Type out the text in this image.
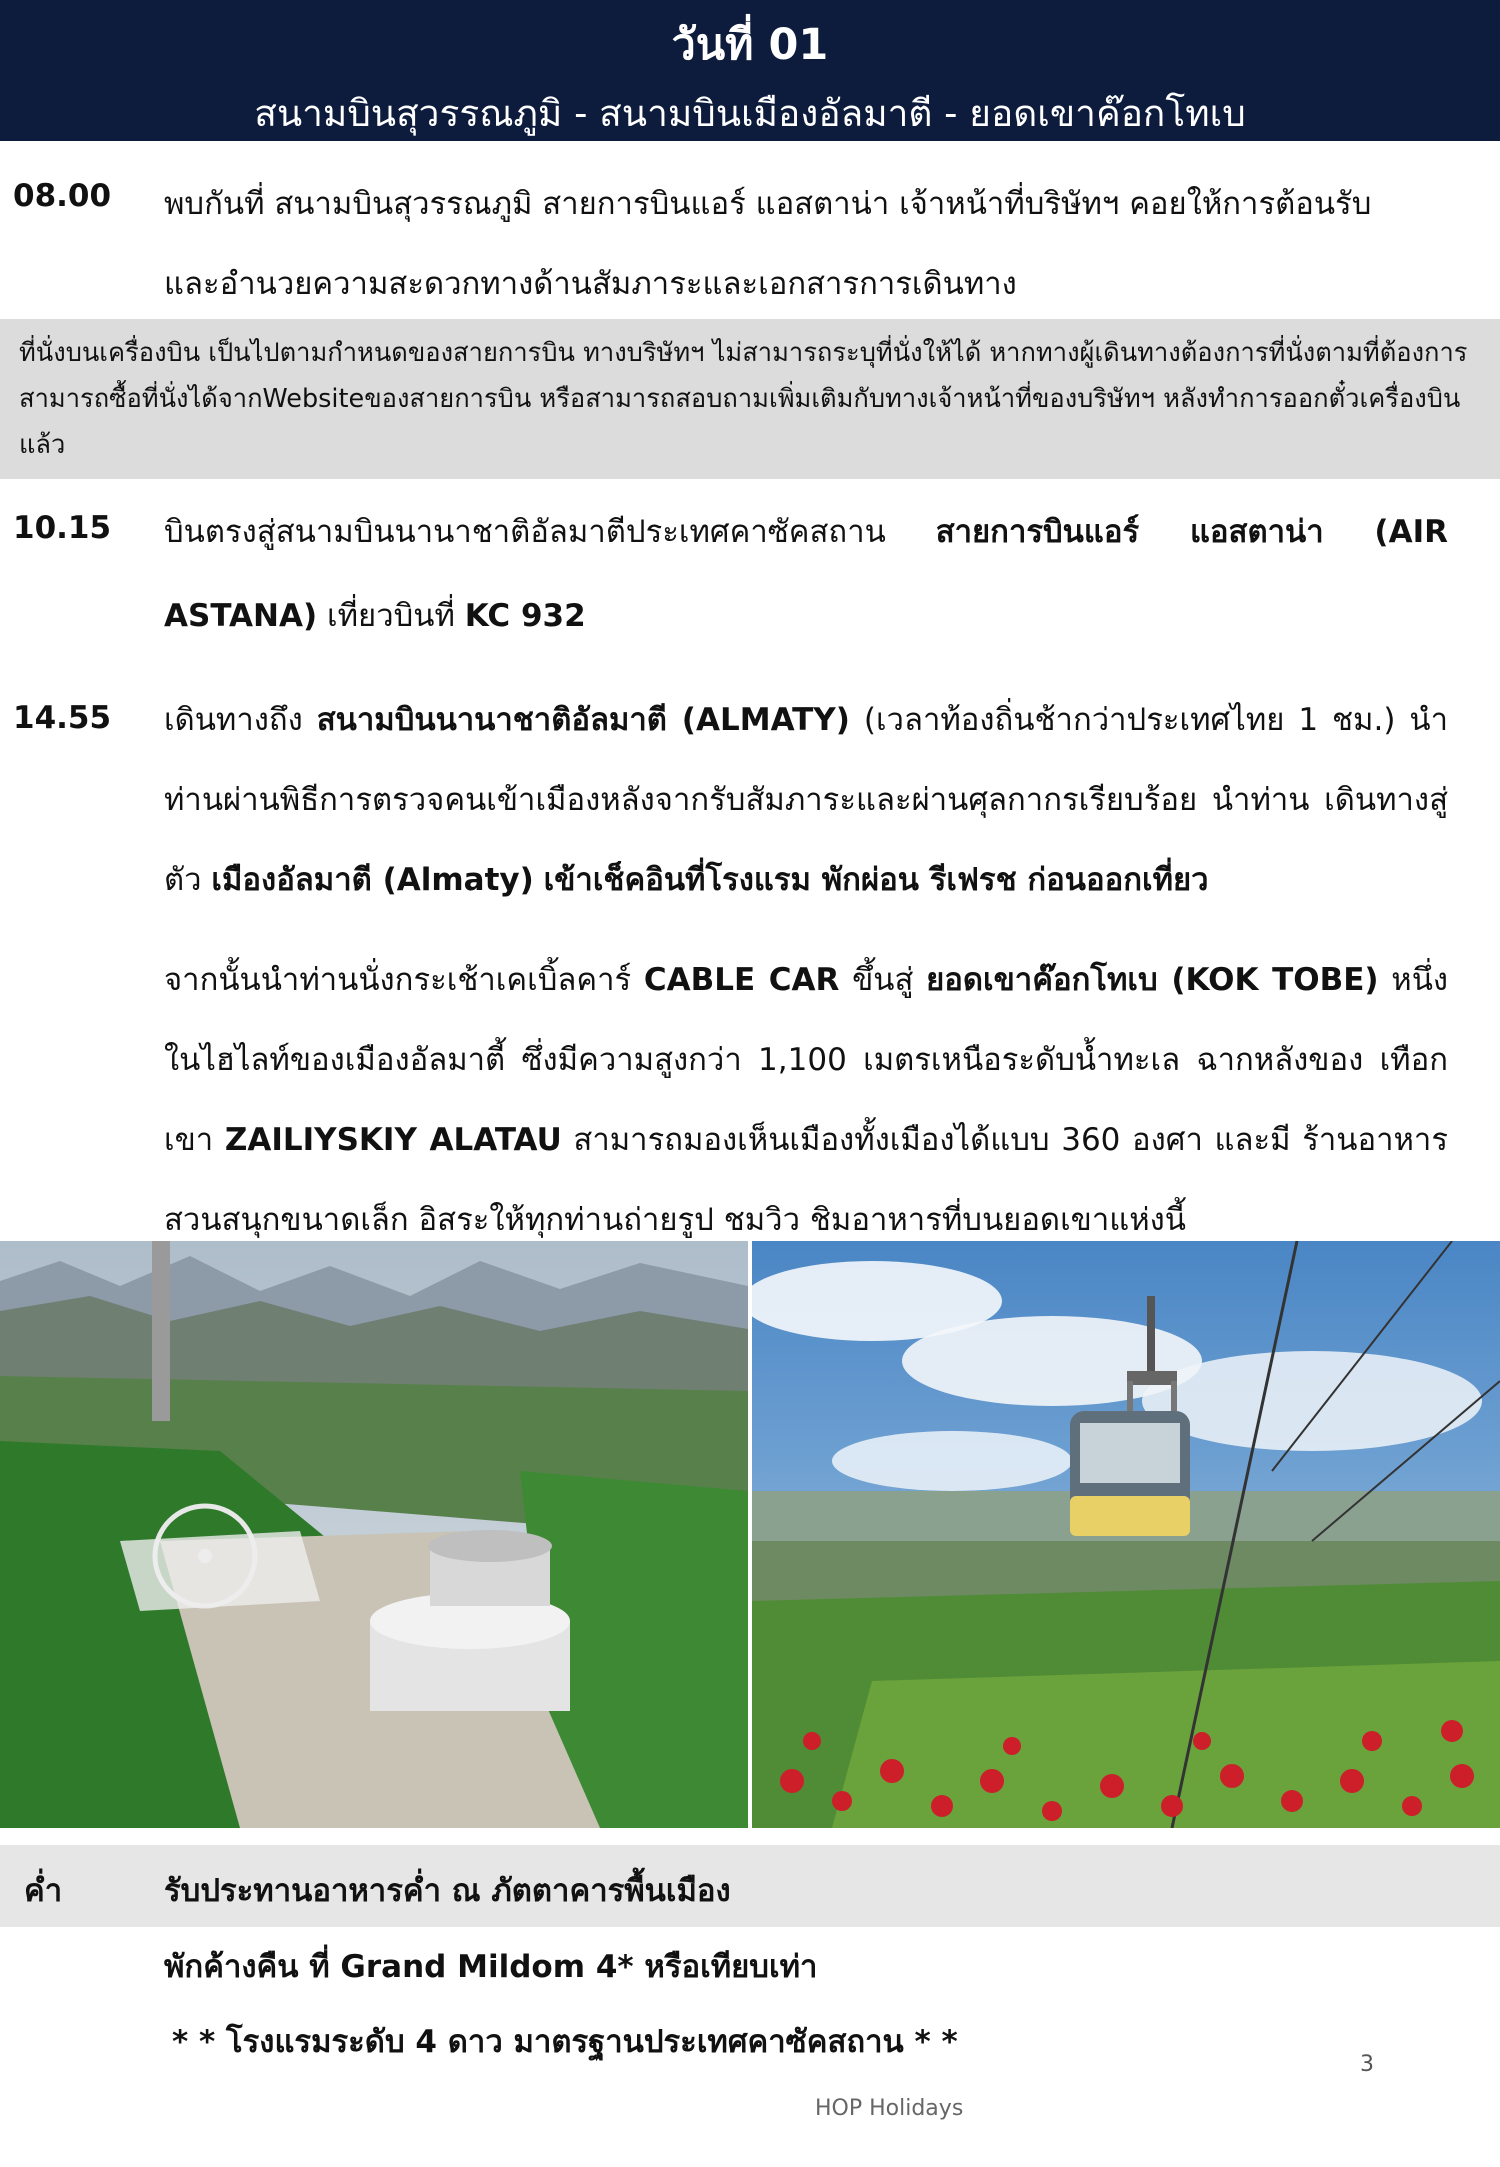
วันที่ 01
สนามบินสุวรรณภูมิ - สนามบินเมืองอัลมาตี - ยอดเขาค๊อกโทเบ
08.00 พบกันที่ สนามบินสุวรรณภูมิ สายการบินแอร์ แอสตาน่า เจ้าหน้าที่บริษัทฯ คอยให้การต้อนรับ
และอำนวยความสะดวกทางด้านสัมภาระและเอกสารการเดินทาง

ที่นั่งบนเครื่องบิน เป็นไปตามกำหนดของสายการบิน ทางบริษัทฯ ไม่สามารถระบุที่นั่งให้ได้ หากทางผู้เดินทางต้องการที่นั่งตามที่ต้องการ สามารถซื้อที่นั่งได้จากWebsiteของสายการบิน หรือสามารถสอบถามเพิ่มเติมกับทางเจ้าหน้าที่ของบริษัทฯ หลังทำการออกตั๋วเครื่องบินแล้ว

10.15 บินตรงสู่สนามบินนานาชาติอัลมาตีประเทศคาซัคสถาน สายการบินแอร์ แอสตาน่า (AIR ASTANA) เที่ยวบินที่ KC 932
14.55 เดินทางถึง สนามบินนานาชาติอัลมาตี (ALMATY) (เวลาท้องถิ่นช้ากว่าประเทศไทย 1 ชม.) นำท่านผ่านพิธีการตรวจคนเข้าเมืองหลังจากรับสัมภาระและผ่านศุลกากรเรียบร้อย นำท่าน เดินทางสู่ตัว เมืองอัลมาตี (Almaty) เข้าเช็คอินที่โรงแรม พักผ่อน รีเฟรช ก่อนออกเที่ยว
จากนั้นนำท่านนั่งกระเช้าเคเบิ้ลคาร์ CABLE CAR ขึ้นสู่ ยอดเขาค๊อกโทเบ (KOK TOBE) หนึ่งในไฮไลท์ของเมืองอัลมาตี้ ซึ่งมีความสูงกว่า 1,100 เมตรเหนือระดับน้ำทะเล ฉากหลังของ เทือกเขา ZAILIYSKIY ALATAU สามารถมองเห็นเมืองทั้งเมืองได้แบบ 360 องศา และมี ร้านอาหาร สวนสนุกขนาดเล็ก อิสระให้ทุกท่านถ่ายรูป ชมวิว ชิมอาหารที่บนยอดเขาแห่งนี้
ค่ำ	รับประทานอาหารค่ำ ณ ภัตตาคารพื้นเมือง
พักค้างคืน ที่ Grand Mildom 4* หรือเทียบเท่า
* * โรงแรมระดับ 4 ดาว มาตรฐานประเทศคาซัคสถาน * *
3
HOP Holidays
